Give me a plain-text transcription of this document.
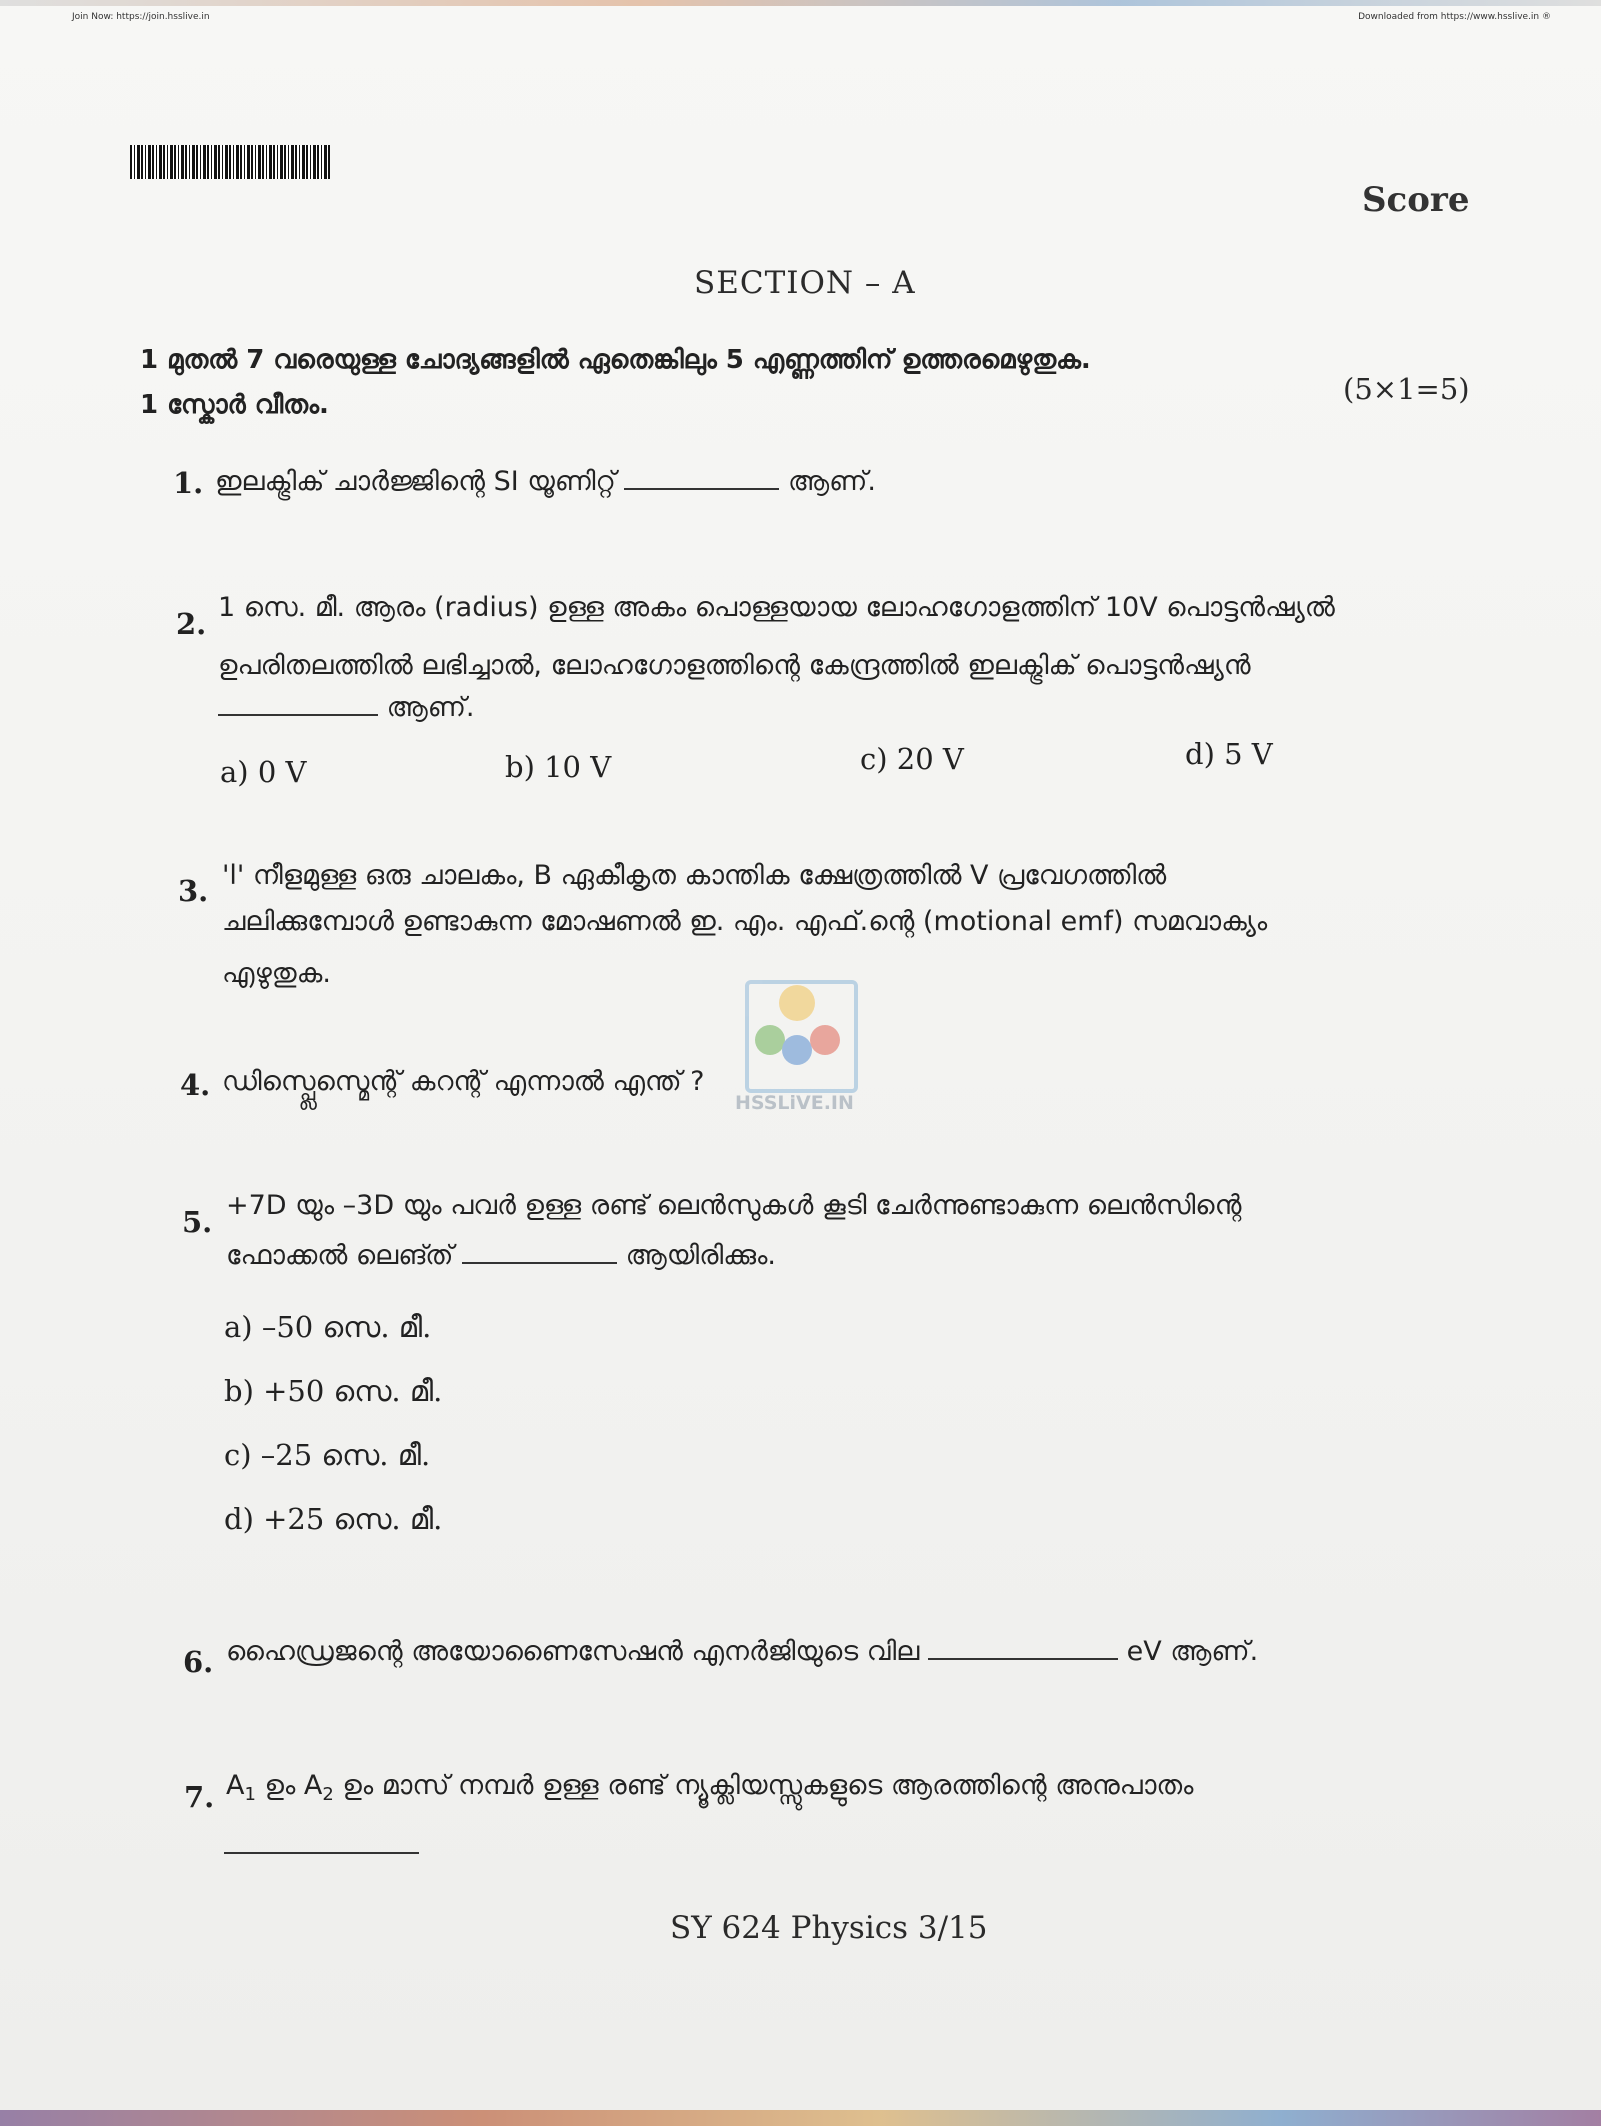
Join Now: https://join.hsslive.in	Downloaded from https://www.hsslive.in ®
Score
SECTION – A
1 മുതൽ 7 വരെയുള്ള ചോദ്യങ്ങളിൽ ഏതെങ്കിലും 5 എണ്ണത്തിന് ഉത്തരമെഴുതുക.
1 സ്കോർ വീതം.	(5×1=5)
1. ഇലക്ട്രിക് ചാർജ്ജിന്റെ SI യൂണിറ്റ്	ആണ്.
2. 1 സെ. മീ. ആരം (radius) ഉള്ള അകം പൊള്ളയായ ലോഹഗോളത്തിന് 10V പൊട്ടൻഷ്യൽ
ഉപരിതലത്തിൽ ലഭിച്ചാൽ, ലോഹഗോളത്തിന്റെ കേന്ദ്രത്തിൽ ഇലക്ട്രിക് പൊട്ടൻഷ്യൻ
ആണ്.
a) 0 V	b) 10 V	c) 20 V	d) 5 V
3. 'l' നീളമുള്ള ഒരു ചാലകം, B ഏകീകൃത കാന്തിക ക്ഷേത്രത്തിൽ V പ്രവേഗത്തിൽ
ചലിക്കുമ്പോൾ ഉണ്ടാകുന്ന മോഷണൽ ഇ. എം. എഫ്.ന്റെ (motional emf) സമവാക്യം
എഴുതുക.
HSSLiVE.IN
4. ഡിസ്പ്ലെസ്മെന്റ് കറന്റ് എന്നാൽ എന്ത് ?
5. +7D യും –3D യും പവർ ഉള്ള രണ്ട് ലെൻസുകൾ കൂടി ചേർന്നുണ്ടാകുന്ന ലെൻസിന്റെ
ഫോക്കൽ ലെങ്ത്	ആയിരിക്കും.
a) –50 സെ. മീ.
b) +50 സെ. മീ.
c) –25 സെ. മീ.
d) +25 സെ. മീ.
6. ഹൈഡ്രജന്റെ അയോണൈസേഷൻ എനർജിയുടെ വില	eV ആണ്.
7. $A_1$ ഉം $A_2$ ഉം മാസ് നമ്പർ ഉള്ള രണ്ട് ന്യൂക്ലിയസ്സുകളുടെ ആരത്തിന്റെ അനുപാതം
SY 624 Physics 3/15
